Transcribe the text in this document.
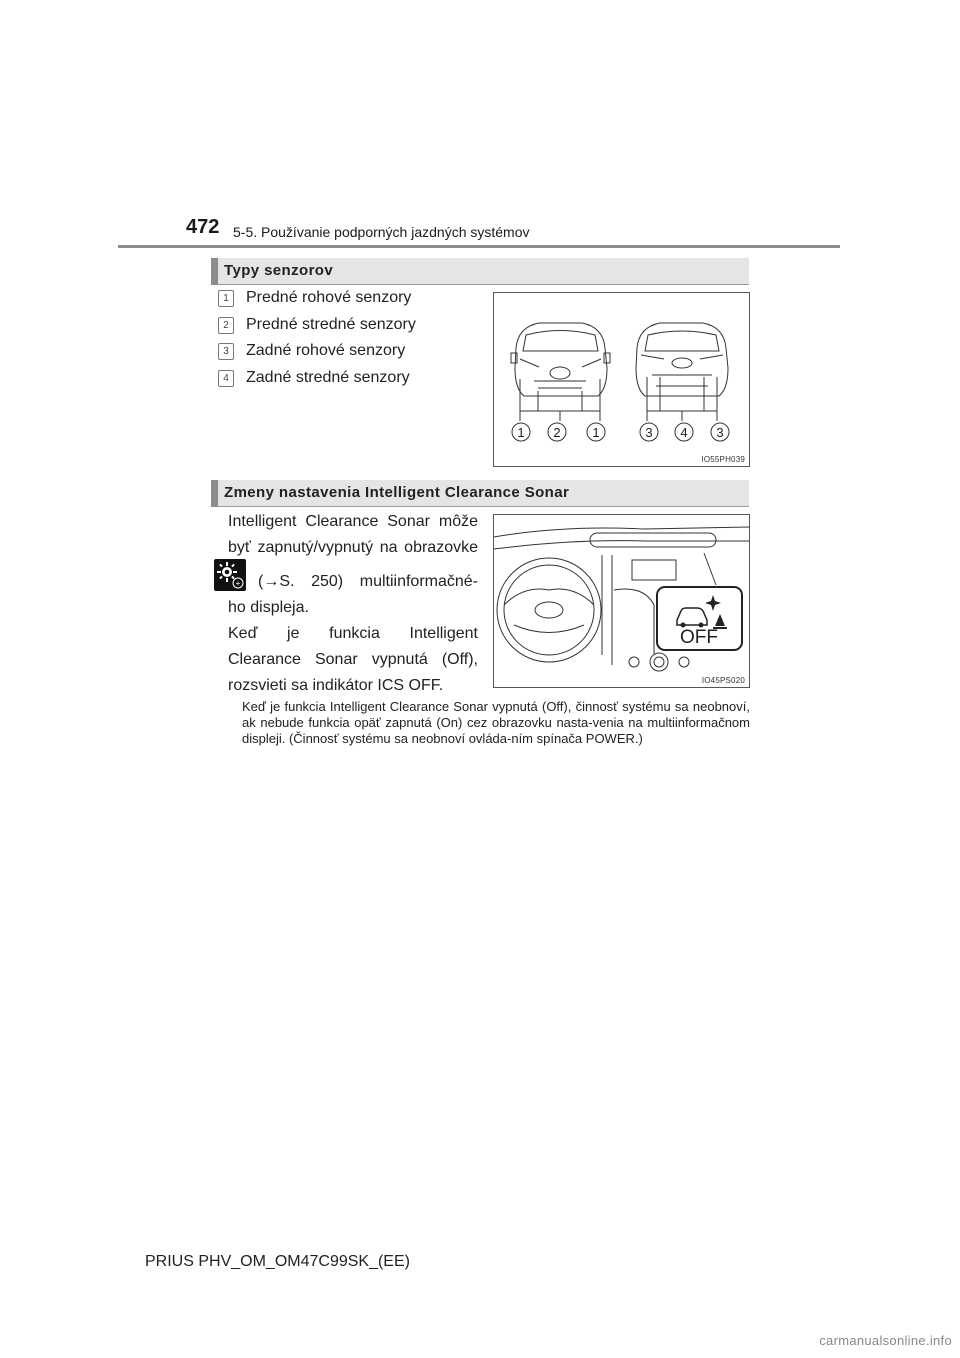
472 5-5. Používanie podporných jazdných systémov
Typy senzorov
1	Predné rohové senzory
2	Predné stredné senzory
3	Zadné rohové senzory
4	Zadné stredné senzory
1 2 1	3 4 3
IO55PH039
Zmeny nastavenia Intelligent Clearance Sonar
Intelligent Clearance Sonar môže
byť zapnutý/vypnutý na obrazovke
+ (→S. 250) multiinformačné-
ho displeja.
Keď je funkcia Intelligent Clearance Sonar vypnutá (Off), rozsvieti sa indikátor ICS OFF.
OFF
IO45PS020
Keď je funkcia Intelligent Clearance Sonar vypnutá (Off), činnosť systému sa neobnoví, ak nebude funkcia opäť zapnutá (On) cez obrazovku nasta-venia na multiinformačnom displeji. (Činnosť systému sa neobnoví ovláda-ním spínača POWER.)
PRIUS PHV_OM_OM47C99SK_(EE)
carmanualsonline.info
